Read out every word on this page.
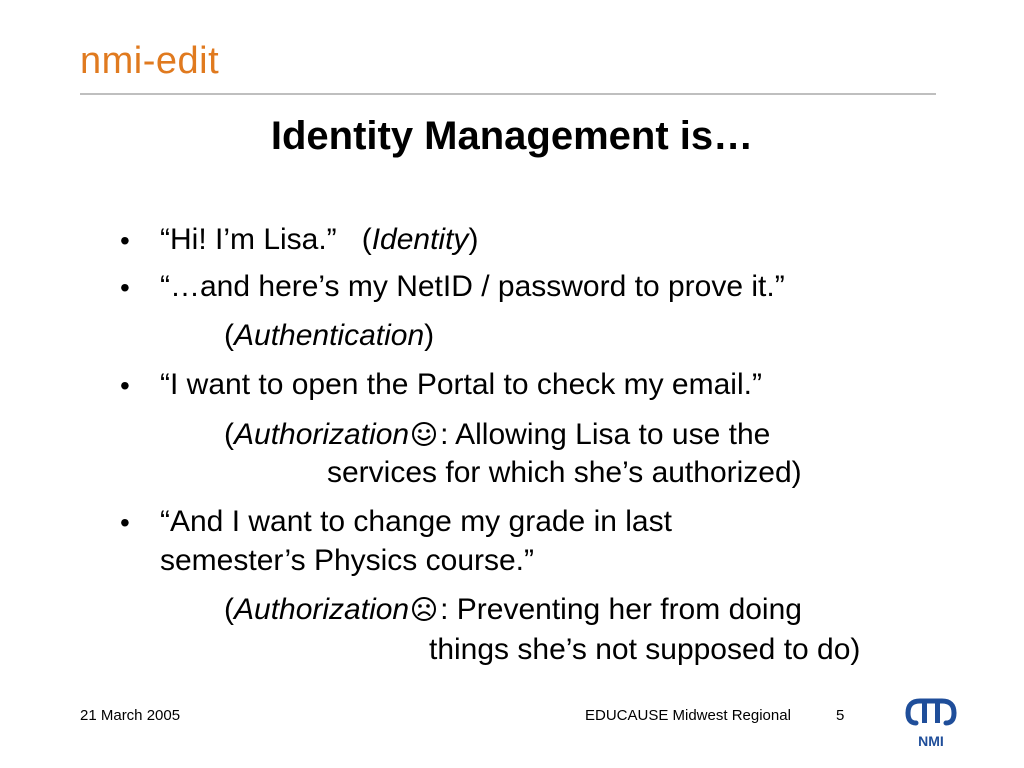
nmi-edit
Identity Management is…
• “Hi! I’m Lisa.” (Identity)
• “…and here’s my NetID / password to prove it.”
(Authentication)
• “I want to open the Portal to check my email.”
(Authorization : Allowing Lisa to use the
services for which she’s authorized)
• “And I want to change my grade in last
semester’s Physics course.”
(Authorization : Preventing her from doing
things she’s not supposed to do)
21 March 2005	EDUCAUSE Midwest Regional	5
NMI
